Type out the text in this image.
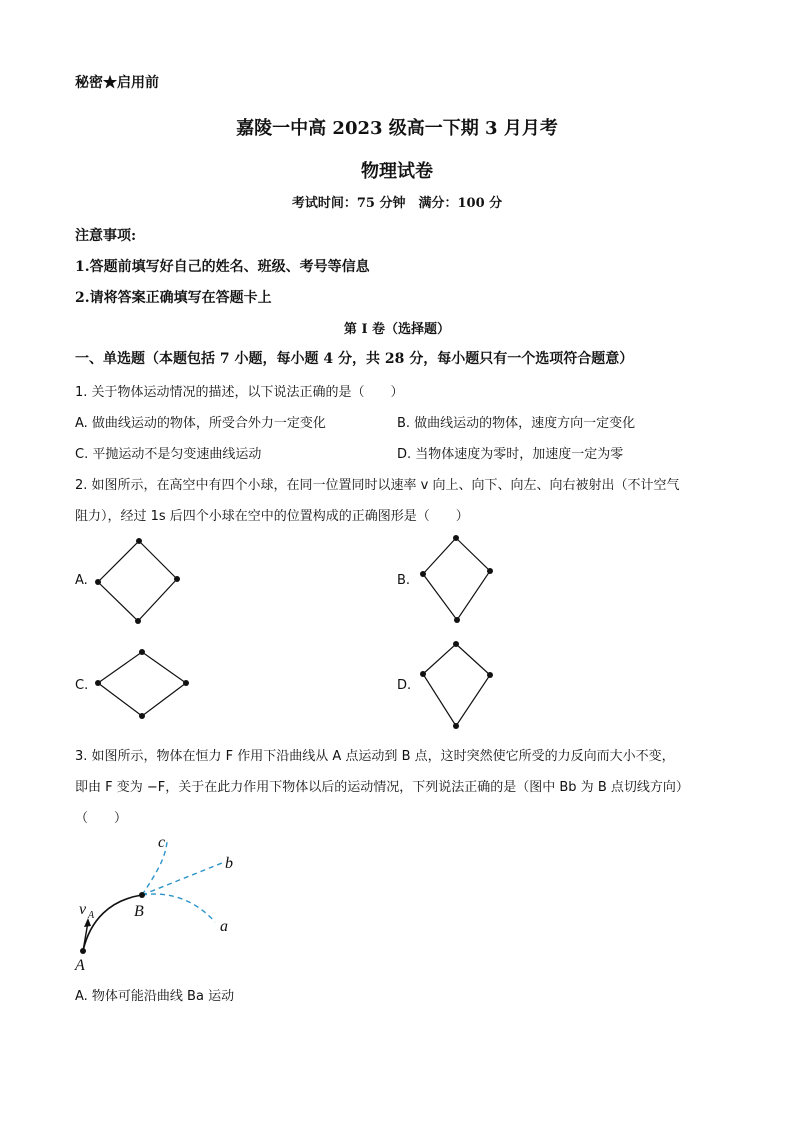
秘密★启用前
嘉陵一中高 2023 级高一下期 3 月月考
物理试卷
考试时间：75 分钟　满分：100 分
注意事项:
1.答题前填写好自己的姓名、班级、考号等信息
2.请将答案正确填写在答题卡上
第 I 卷（选择题）
一、单选题（本题包括 7 小题，每小题 4 分，共 28 分，每小题只有一个选项符合题意）
1. 关于物体运动情况的描述，以下说法正确的是（　　）
A. 做曲线运动的物体，所受合外力一定变化	B. 做曲线运动的物体，速度方向一定变化
C. 平抛运动不是匀变速曲线运动	D. 当物体速度为零时，加速度一定为零
2. 如图所示，在高空中有四个小球，在同一位置同时以速率 v 向上、向下、向左、向右被射出（不计空气
阻力），经过 1s 后四个小球在空中的位置构成的正确图形是（　　）
A.	B.
C.	D.
3. 如图所示，物体在恒力 F 作用下沿曲线从 A 点运动到 B 点，这时突然使它所受的力反向而大小不变，
即由 F 变为 −F，关于在此力作用下物体以后的运动情况，下列说法正确的是（图中 Bb 为 B 点切线方向）
（　　）
c
b
a
B
A
v A
A. 物体可能沿曲线 Ba 运动
